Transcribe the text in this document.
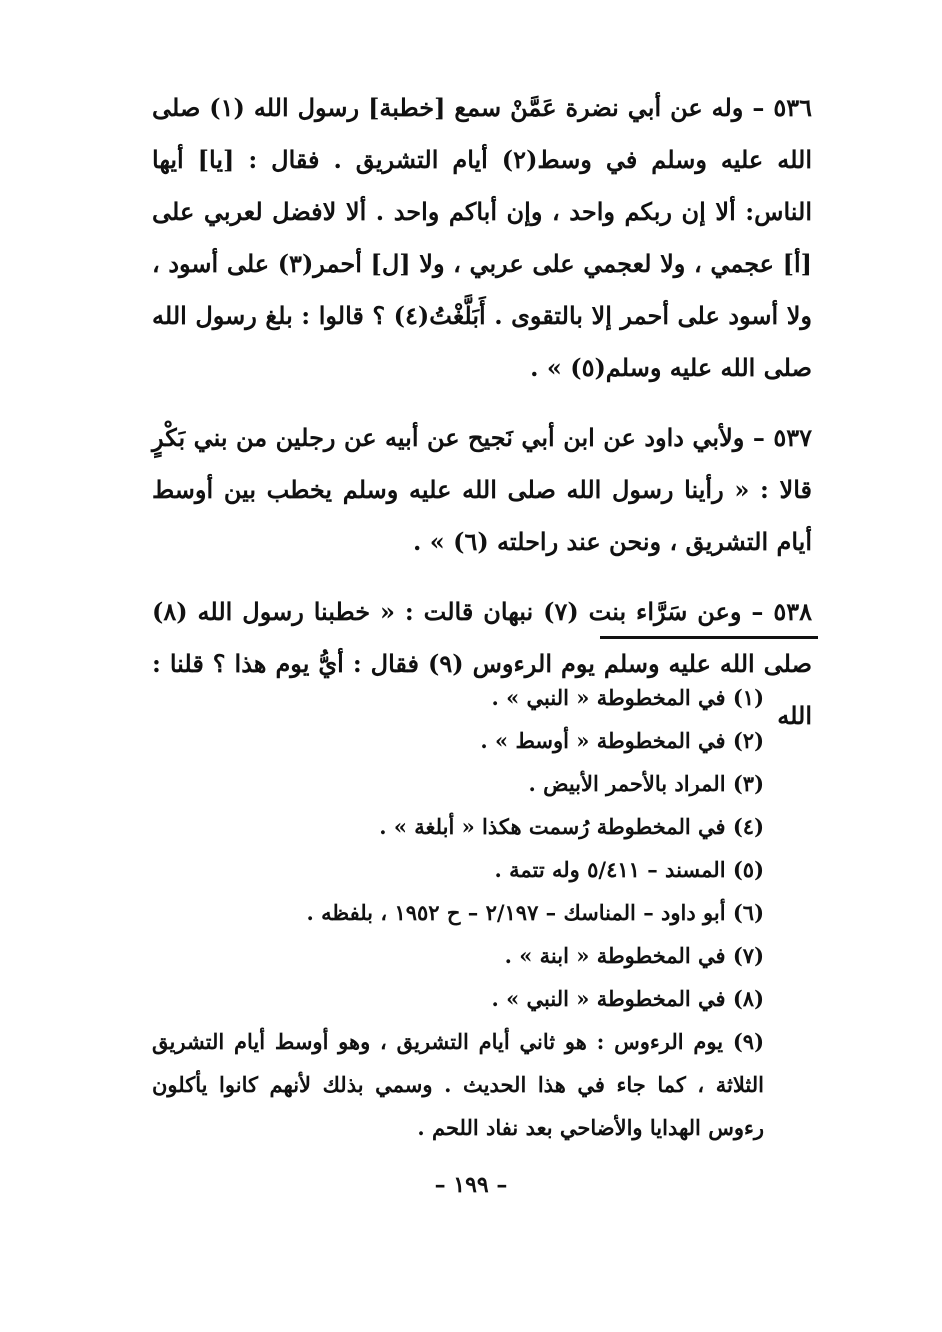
٥٣٦ – وله عن أبي نضرة عَمَّنْ سمع [خطبة] رسول الله (١) صلى الله عليه وسلم في وسط(٢) أيام التشريق . فقال : [يا] أيها الناس: ألا إن ربكم واحد ، وإن أباكم واحد . ألا لافضل لعربي على [أ] عجمي ، ولا لعجمي على عربي ، ولا [ل] أحمر(٣) على أسود ، ولا أسود على أحمر إلا بالتقوى . أَبَلَّغْتُ(٤) ؟ قالوا : بلغ رسول الله صلى الله عليه وسلم(٥) » .

٥٣٧ – ولأبي داود عن ابن أبي نَجيح عن أبيه عن رجلين من بني بَكْرٍ قالا : « رأينا رسول الله صلى الله عليه وسلم يخطب بين أوسط أيام التشريق ، ونحن عند راحلته (٦) » .

٥٣٨ – وعن سَرَّاء بنت (٧) نبهان قالت : « خطبنا رسول الله (٨) صلى الله عليه وسلم يوم الرءوس (٩) فقال : أيُّ يوم هذا ؟ قلنا : الله

(١) في المخطوطة « النبي » .

(٢) في المخطوطة « أوسط » .

(٣) المراد بالأحمر الأبيض .

(٤) في المخطوطة رُسمت هكذا « أبلغة » .

(٥) المسند – ٥/٤١١ وله تتمة .

(٦) أبو داود – المناسك – ٢/١٩٧ – ح ١٩٥٢ ، بلفظه .

(٧) في المخطوطة « ابنة » .

(٨) في المخطوطة « النبي » .

(٩) يوم الرءوس : هو ثاني أيام التشريق ، وهو أوسط أيام التشريق الثلاثة ، كما جاء في هذا الحديث . وسمي بذلك لأنهم كانوا يأكلون رءوس الهدايا والأضاحي بعد نفاد اللحم .

– ١٩٩ –
